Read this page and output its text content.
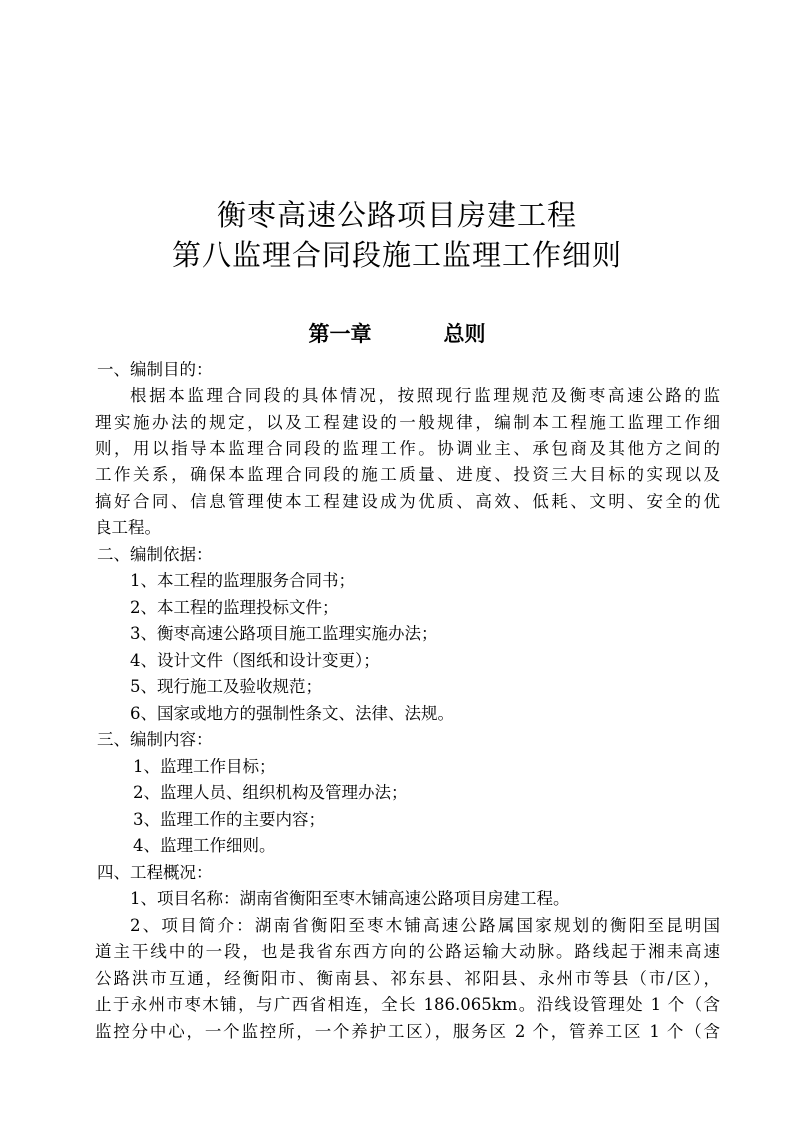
衡枣高速公路项目房建工程
第八监理合同段施工监理工作细则
第一章	总则
一、编制目的：
根据本监理合同段的具体情况，按照现行监理规范及衡枣高速公路的监
理实施办法的规定，以及工程建设的一般规律，编制本工程施工监理工作细
则，用以指导本监理合同段的监理工作。协调业主、承包商及其他方之间的
工作关系，确保本监理合同段的施工质量、进度、投资三大目标的实现以及
搞好合同、信息管理使本工程建设成为优质、高效、低耗、文明、安全的优
良工程。
二、编制依据：
1、本工程的监理服务合同书；
2、本工程的监理投标文件；
3、衡枣高速公路项目施工监理实施办法；
4、设计文件（图纸和设计变更）；
5、现行施工及验收规范；
6、国家或地方的强制性条文、法律、法规。
三、编制内容：
1、监理工作目标；
2、监理人员、组织机构及管理办法；
3、监理工作的主要内容；
4、监理工作细则。
四、工程概况：
1、项目名称：湖南省衡阳至枣木铺高速公路项目房建工程。
2、项目简介：湖南省衡阳至枣木铺高速公路属国家规划的衡阳至昆明国
道主干线中的一段，也是我省东西方向的公路运输大动脉。路线起于湘耒高速
公路洪市互通，经衡阳市、衡南县、祁东县、祁阳县、永州市等县（市/区），
止于永州市枣木铺，与广西省相连，全长 186.065km。沿线设管理处 1 个（含
监控分中心，一个监控所，一个养护工区），服务区 2 个，管养工区 1 个（含
